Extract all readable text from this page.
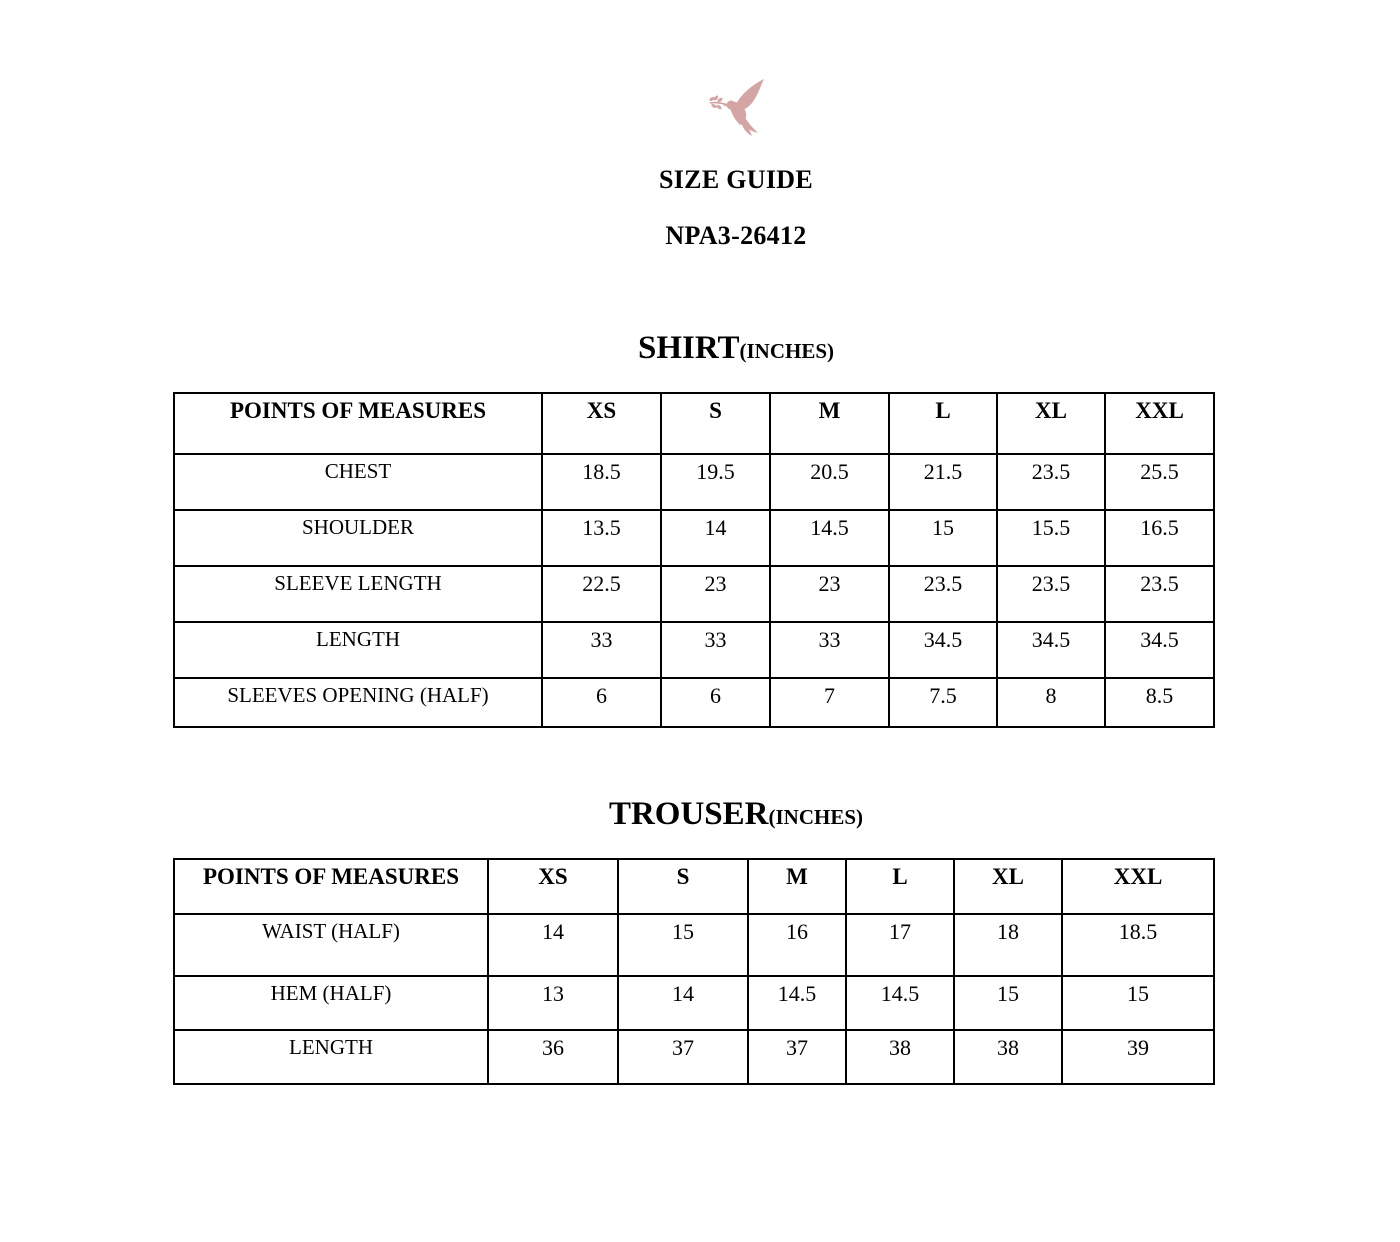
SIZE GUIDE
NPA3-26412
SHIRT(INCHES)
POINTS OF MEASURES	XS	S	M	L	XL	XXL
CHEST	18.5	19.5	20.5	21.5	23.5	25.5
SHOULDER	13.5	14	14.5	15	15.5	16.5
SLEEVE LENGTH	22.5	23	23	23.5	23.5	23.5
LENGTH	33	33	33	34.5	34.5	34.5
SLEEVES OPENING (HALF)	6	6	7	7.5	8	8.5
TROUSER(INCHES)
POINTS OF MEASURES	XS	S	M	L	XL	XXL
WAIST (HALF)	14	15	16	17	18	18.5
HEM (HALF)	13	14	14.5	14.5	15	15
LENGTH	36	37	37	38	38	39
